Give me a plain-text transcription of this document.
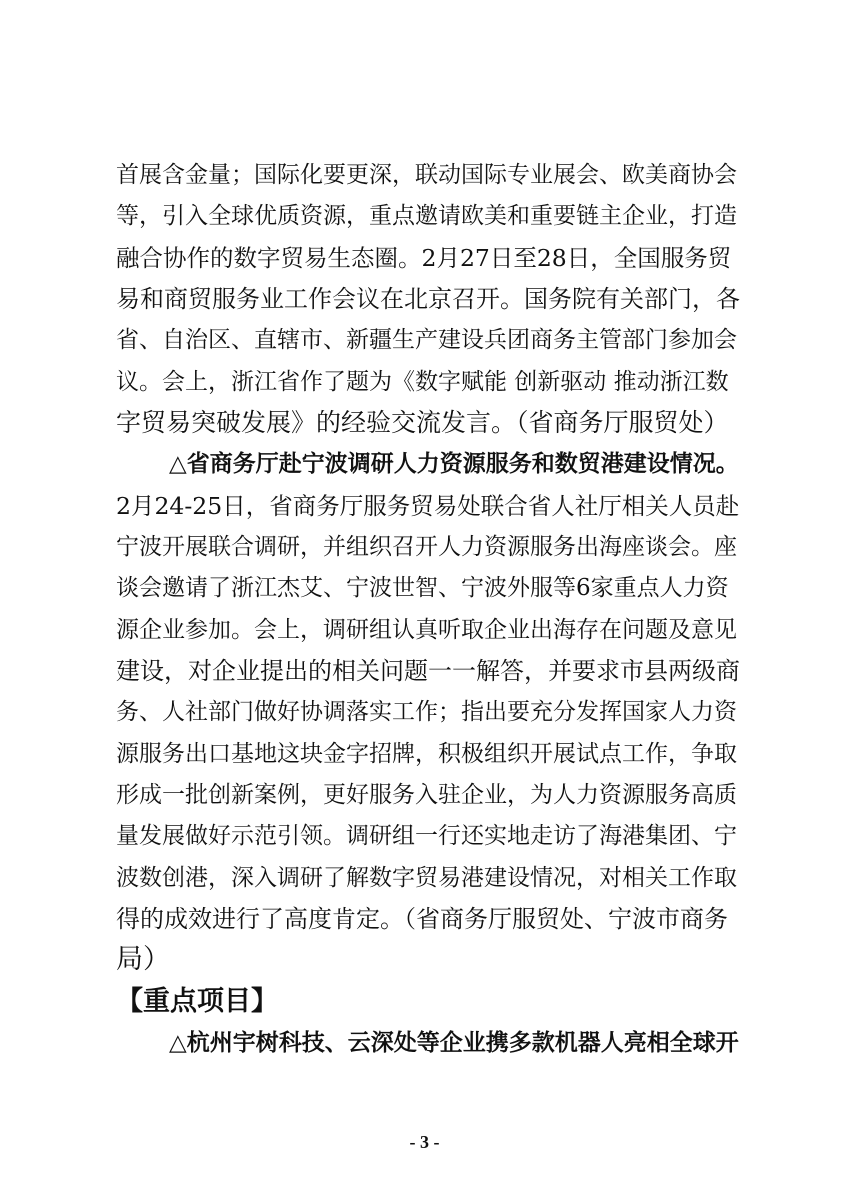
首展含金量；国际化要更深，联动国际专业展会、欧美商协会
等，引入全球优质资源，重点邀请欧美和重要链主企业，打造
融合协作的数字贸易生态圈。2月27日至28日，全国服务贸
易和商贸服务业工作会议在北京召开。国务院有关部门，各
省、自治区、直辖市、新疆生产建设兵团商务主管部门参加会
议。会上，浙江省作了题为《数字赋能 创新驱动 推动浙江数
字贸易突破发展》的经验交流发言。（省商务厅服贸处）
△省商务厅赴宁波调研人力资源服务和数贸港建设情况。
2月24-25日，省商务厅服务贸易处联合省人社厅相关人员赴
宁波开展联合调研，并组织召开人力资源服务出海座谈会。座
谈会邀请了浙江杰艾、宁波世智、宁波外服等6家重点人力资
源企业参加。会上，调研组认真听取企业出海存在问题及意见
建设，对企业提出的相关问题一一解答，并要求市县两级商
务、人社部门做好协调落实工作；指出要充分发挥国家人力资
源服务出口基地这块金字招牌，积极组织开展试点工作，争取
形成一批创新案例，更好服务入驻企业，为人力资源服务高质
量发展做好示范引领。调研组一行还实地走访了海港集团、宁
波数创港，深入调研了解数字贸易港建设情况，对相关工作取
得的成效进行了高度肯定。（省商务厅服贸处、宁波市商务
局）
【重点项目】
△杭州宇树科技、云深处等企业携多款机器人亮相全球开
- 3 -
